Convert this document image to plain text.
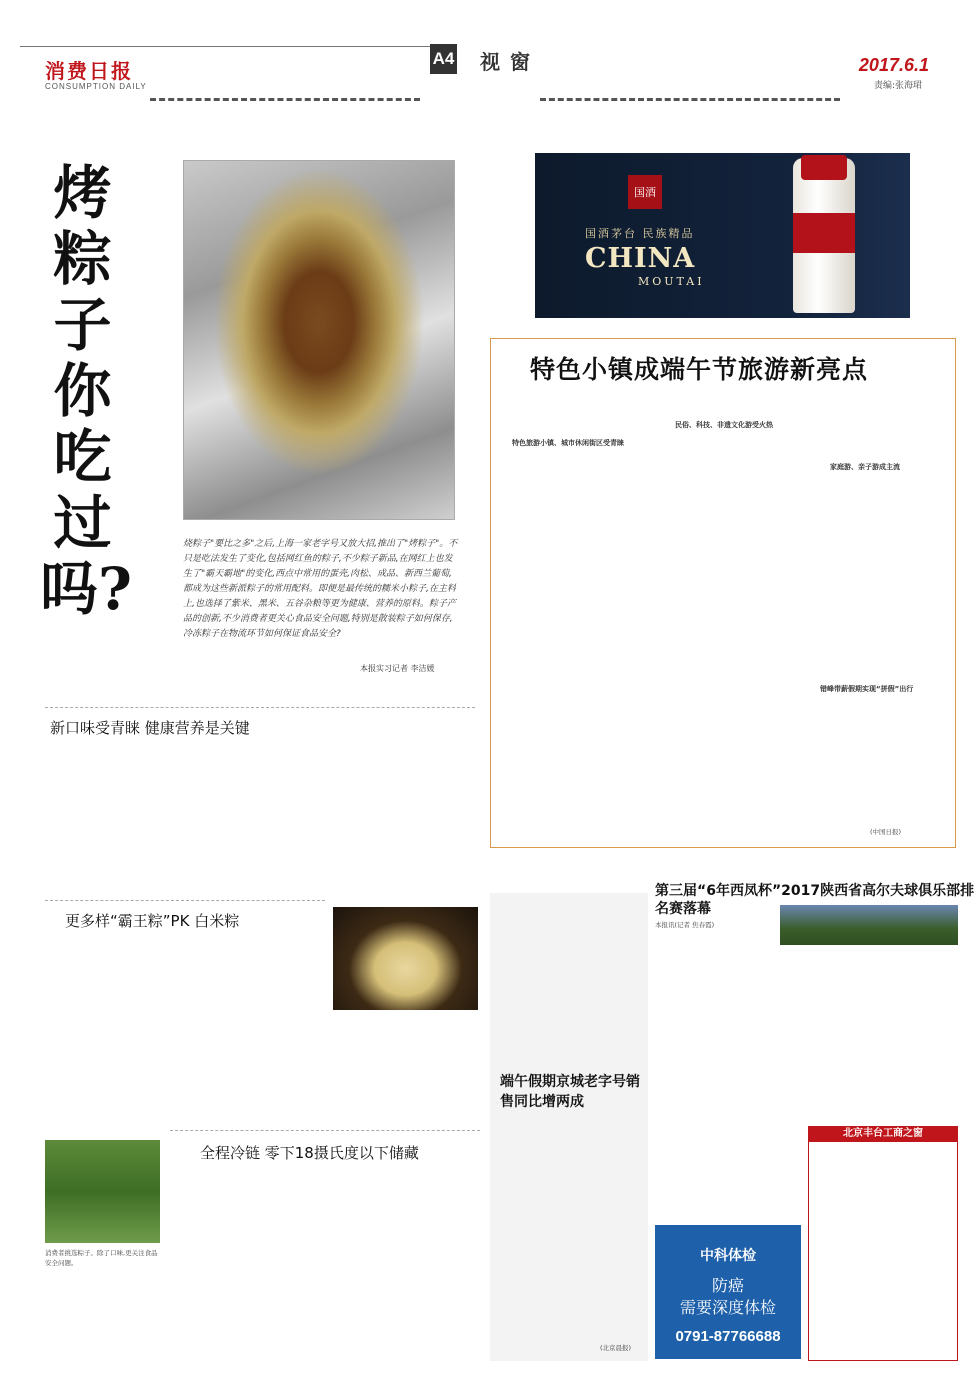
消费日报
CONSUMPTION DAILY
A4 视窗	2017.6.1
责编:张海珺
烤粽子 你吃过吗?
烧粽子"要比之多"之后,上海一家老字号又放大招,推出了"烤粽子"。不只是吃法发生了变化,包括网红鱼的粽子,不少粽子新品,在网红上也发生了"霸天霸地"的变化,西点中常用的蛋壳,肉松、成品、新西兰葡萄,都成为这些新派粽子的常用配料。即便是最传统的糯米小粽子,在主料上,也选择了紫米、黑米、五谷杂粮等更为健康、营养的原料。粽子产品的创新,不少消费者更关心食品安全问题,特别是散装粽子如何保存,冷冻粽子在物流环节如何保证食品安全?
本报实习记者 李洁媛
新口味受青睐 健康营养是关键
更多样“霸王粽”PK 白米粽
消费者挑选粽子。除了口味,更关注食品安全问题。
全程冷链 零下18摄氏度以下储藏
国酒
国酒茅台 民族精品
CHINA
MOUTAI
特色小镇成端午节旅游新亮点
特色旅游小镇、城市休闲街区受青睐
民俗、科技、非遗文化游受火热
家庭游、亲子游成主流
错峰带薪假期实现“拼假”出行
(中国日报)
端午假期京城老字号销售同比增两成
(北京晨报)
第三届“6年西凤杯”2017陕西省高尔夫球俱乐部排名赛落幕
本报讯(记者 焦春霞)
中科体检
防癌
需要深度体检
0791-87766688
北京丰台工商之窗
